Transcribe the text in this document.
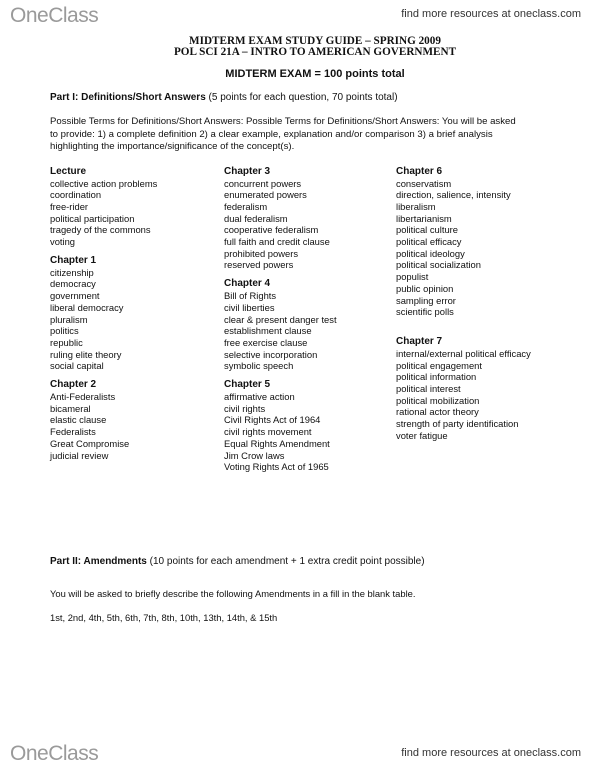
OneClass	find more resources at oneclass.com
MIDTERM EXAM STUDY GUIDE – SPRING 2009
POL SCI 21A – INTRO TO AMERICAN GOVERNMENT
MIDTERM EXAM = 100 points total
Part I: Definitions/Short Answers (5 points for each question, 70 points total)
Possible Terms for Definitions/Short Answers: Possible Terms for Definitions/Short Answers: You will be asked to provide: 1) a complete definition 2) a clear example, explanation and/or comparison 3) a brief analysis highlighting the importance/significance of the concept(s).
Lecture
collective action problems
coordination
free-rider
political participation
tragedy of the commons
voting
Chapter 1
citizenship
democracy
government
liberal democracy
pluralism
politics
republic
ruling elite theory
social capital
Chapter 2
Anti-Federalists
bicameral
elastic clause
Federalists
Great Compromise
judicial review
Chapter 3
concurrent powers
enumerated powers
federalism
dual federalism
cooperative federalism
full faith and credit clause
prohibited powers
reserved powers
Chapter 4
Bill of Rights
civil liberties
clear & present danger test
establishment clause
free exercise clause
selective incorporation
symbolic speech
Chapter 5
affirmative action
civil rights
Civil Rights Act of 1964
civil rights movement
Equal Rights Amendment
Jim Crow laws
Voting Rights Act of 1965
Chapter 6
conservatism
direction, salience, intensity
liberalism
libertarianism
political culture
political efficacy
political ideology
political socialization
populist
public opinion
sampling error
scientific polls
Chapter 7
internal/external political efficacy
political engagement
political information
political interest
political mobilization
rational actor theory
strength of party identification
voter fatigue
Part II: Amendments (10 points for each amendment + 1 extra credit point possible)
You will be asked to briefly describe the following Amendments in a fill in the blank table.
1st, 2nd, 4th, 5th, 6th, 7th, 8th, 10th, 13th, 14th, & 15th
OneClass	find more resources at oneclass.com
